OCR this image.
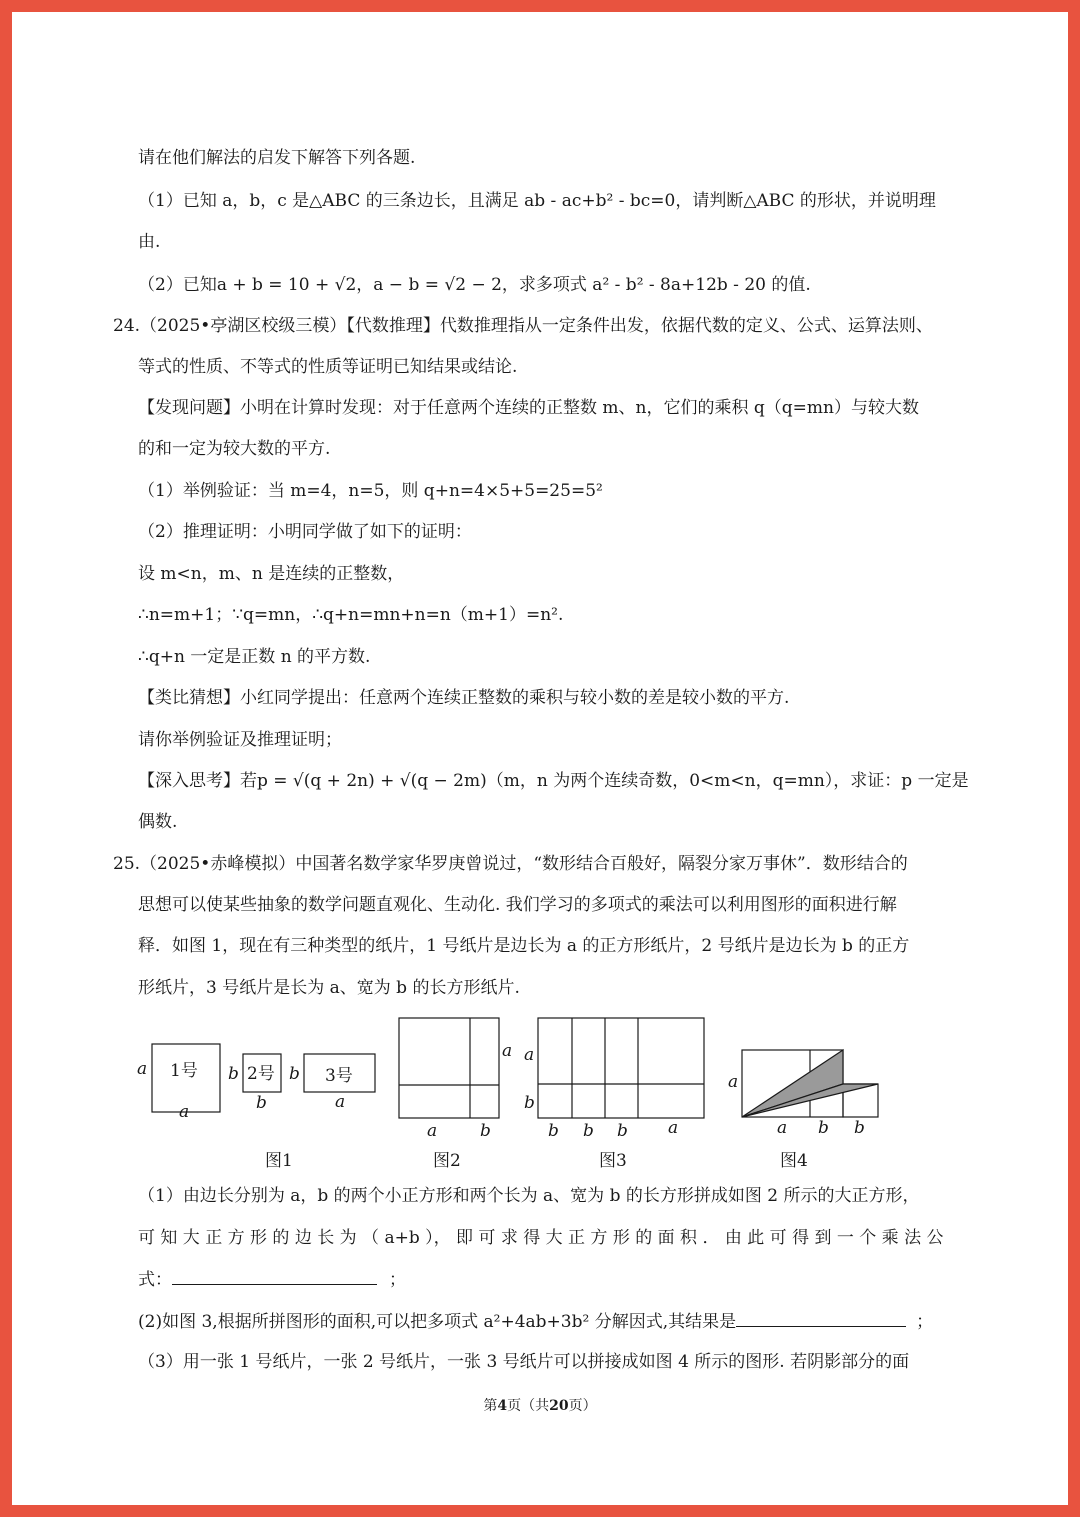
请在他们解法的启发下解答下列各题.
（1）已知 a，b，c 是△ABC 的三条边长，且满足 ab - ac+b² - bc=0，请判断△ABC 的形状，并说明理
由.
（2）已知a + b = 10 + √2，a − b = √2 − 2，求多项式 a² - b² - 8a+12b - 20 的值.
24.（2025•亭湖区校级三模）【代数推理】代数推理指从一定条件出发，依据代数的定义、公式、运算法则、
等式的性质、不等式的性质等证明已知结果或结论.
【发现问题】小明在计算时发现：对于任意两个连续的正整数 m、n，它们的乘积 q（q=mn）与较大数
的和一定为较大数的平方.
（1）举例验证：当 m=4，n=5，则 q+n=4×5+5=25=5²
（2）推理证明：小明同学做了如下的证明：
设 m<n，m、n 是连续的正整数，
∴n=m+1；∵q=mn，∴q+n=mn+n=n（m+1）=n².
∴q+n 一定是正数 n 的平方数.
【类比猜想】小红同学提出：任意两个连续正整数的乘积与较小数的差是较小数的平方.
请你举例验证及推理证明；
【深入思考】若p = √(q + 2n) + √(q − 2m)（m，n 为两个连续奇数，0<m<n，q=mn），求证：p 一定是
偶数.
25.（2025•赤峰模拟）中国著名数学家华罗庚曾说过，“数形结合百般好，隔裂分家万事休”．数形结合的
思想可以使某些抽象的数学问题直观化、生动化. 我们学习的多项式的乘法可以利用图形的面积进行解
释．如图 1，现在有三种类型的纸片，1 号纸片是边长为 a 的正方形纸片，2 号纸片是边长为 b 的正方
形纸片，3 号纸片是长为 a、宽为 b 的长方形纸片.
a
a
b
b
b
a
a
a	b
a
b
b b b a
a
a b b
1号	2号	3号
图1	图2	图3	图4
（1）由边长分别为 a，b 的两个小正方形和两个长为 a、宽为 b 的长方形拼成如图 2 所示的大正方形，
可 知 大 正 方 形 的 边 长 为 （ a+b ）， 即 可 求 得 大 正 方 形 的 面 积 ． 由 此 可 得 到 一 个 乘 法 公
式：	；
(2)如图 3,根据所拼图形的面积,可以把多项式 a²+4ab+3b² 分解因式,其结果是	；
（3）用一张 1 号纸片，一张 2 号纸片，一张 3 号纸片可以拼接成如图 4 所示的图形. 若阴影部分的面
第4页（共20页）
